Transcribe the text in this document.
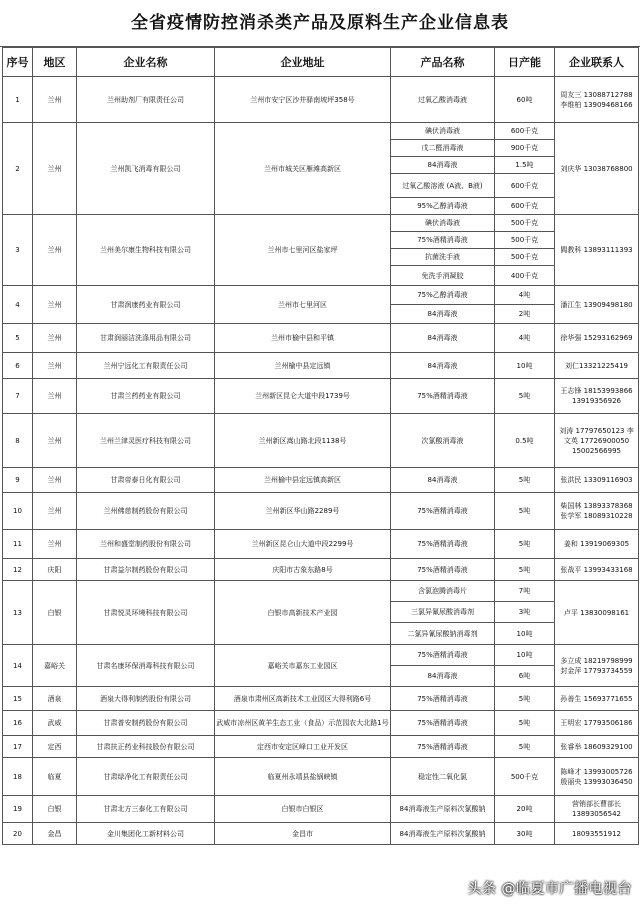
全省疫情防控消杀类产品及原料生产企业信息表
序号	地区	企业名称	企业地址	产品名称	日产能	企业联系人
1	兰州	兰州助剂厂有限责任公司	兰州市安宁区沙井驿南坡坪358号	过氧乙酸消毒液	60吨	周友三 13088712788 李维柏 13909468166
2	兰州	兰州凯飞消毒有限公司	兰州市城关区雁滩高新区	碘伏消毒液	600千克	刘庆华 13038768800
				戊二醛消毒液	900千克	
				84消毒液	1.5吨	
				过氧乙酸溶液 (A液、B液)	600千克	
				95%乙醇消毒液	600千克	
3	兰州	兰州美尔康生物科技有限公司	兰州市七里河区盐家坪	碘伏消毒液	500千克	閻教科 13893111393
				75%酒精消毒液	500千克	
				抗菌洗手液	500千克	
				免洗手消凝胶	400千克	
4	兰州	甘肃润康药业有限公司	兰州市七里河区	75%乙醇消毒液	4吨	潘江生 13909498180
				84消毒液	2吨	
5	兰州	甘肃润丽洁洗涤用品有限公司	兰州市榆中县和平镇	84消毒液	4吨	徐华强 15293162969
6	兰州	兰州宁远化工有限责任公司	兰州榆中县定远镇	84消毒液	10吨	刘仁13321225419
7	兰州	甘肃兰药药业有限公司	兰州新区昆仑大道中段1739号	75%酒精消毒液	5吨	王志锋 18153993866 13919356926
8	兰州	兰州兰津灵医疗科技有限公司	兰州新区嵩山路北段1138号	次氯酸消毒液	0.5吨	刘涛 17797650123 李文英 17726900050 15002566995
9	兰州	甘肃帝泰日化有限公司	兰州榆中县定远镇高新区	84消毒液	5吨	张洪民 13309116903
10	兰州	兰州佛慈制药股份有限公司	兰州新区华山路2289号	75%酒精消毒液	5吨	柴国林 13893378368 张学军 18089310228
11	兰州	兰州和盛堂制药股份有限公司	兰州新区昆仑山大道中段2299号	75%酒精消毒液	5吨	姜和 13919069305
12	庆阳	甘肃益尔制药股份有限公司	庆阳市古象东路8号	75%酒精消毒液	5吨	张战平 13993433168
13	白银	甘肃悦灵环境科技有限公司	白银市高新技术产业园	含氯泡腾消毒片	7吨	卢平 13830098161
				三氯异氰尿酸消毒剂	3吨	
				二氯异氰尿酸钠消毒剂	10吨	
14	嘉峪关	甘肃名康环保消毒科技有限公司	嘉峪关市嘉东工业园区	75%酒精消毒液	10吨	多立成 18219798999 封金萍 17793734559
				84消毒液	6吨	
15	酒泉	酒泉大得利制药股份有限公司	酒泉市肃州区高新技术工业园区大得利路6号	75%酒精消毒液	5吨	孙善生 15693771655
16	武威	甘肃普安制药股份有限公司	武威市凉州区黄羊生态工业（食品）示范园农大北路1号	75%酒精消毒液	5吨	王明宏 17793506186
17	定西	甘肃扶正药业科技股份有限公司	定西市安定区峰口工业开发区	75%酒精消毒液	5吨	张睿举 18609329100
18	临夏	甘肃绿净化工有限责任公司	临夏州永靖县盐锅峡镇	稳定性二氧化氯	500千克	陈峰才 13993005726 殷丽央 13993036450
19	白银	甘肃北方三泰化工有限公司	白银市白银区	84消毒液生产原料次氯酸钠	20吨	营销部长曹部长 13893056542
20	金昌	金川集团化工新材料公司	金昌市	84消毒液生产原料次氯酸钠	30吨	18093551912
头条 @临夏市广播电视台
